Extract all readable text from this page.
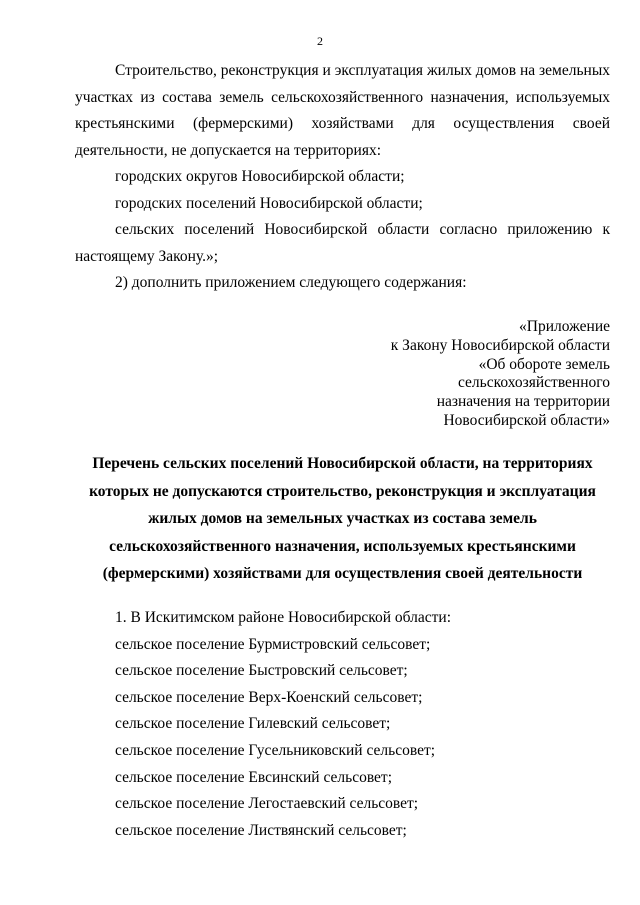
2

Строительство, реконструкция и эксплуатация жилых домов на земельных участках из состава земель сельскохозяйственного назначения, используемых крестьянскими (фермерскими) хозяйствами для осуществления своей деятельности, не допускается на территориях:

городских округов Новосибирской области;

городских поселений Новосибирской области;

сельских поселений Новосибирской области согласно приложению к настоящему Закону.»;

2) дополнить приложением следующего содержания:

«Приложение
к Закону Новосибирской области
«Об обороте земель
сельскохозяйственного
назначения на территории
Новосибирской области»
Перечень сельских поселений Новосибирской области, на территориях
которых не допускаются строительство, реконструкция и эксплуатация
жилых домов на земельных участках из состава земель
сельскохозяйственного назначения, используемых крестьянскими
(фермерскими) хозяйствами для осуществления своей деятельности
1. В Искитимском районе Новосибирской области:
сельское поселение Бурмистровский сельсовет;
сельское поселение Быстровский сельсовет;
сельское поселение Верх-Коенский сельсовет;
сельское поселение Гилевский сельсовет;
сельское поселение Гусельниковский сельсовет;
сельское поселение Евсинский сельсовет;
сельское поселение Легостаевский сельсовет;
сельское поселение Листвянский сельсовет;
